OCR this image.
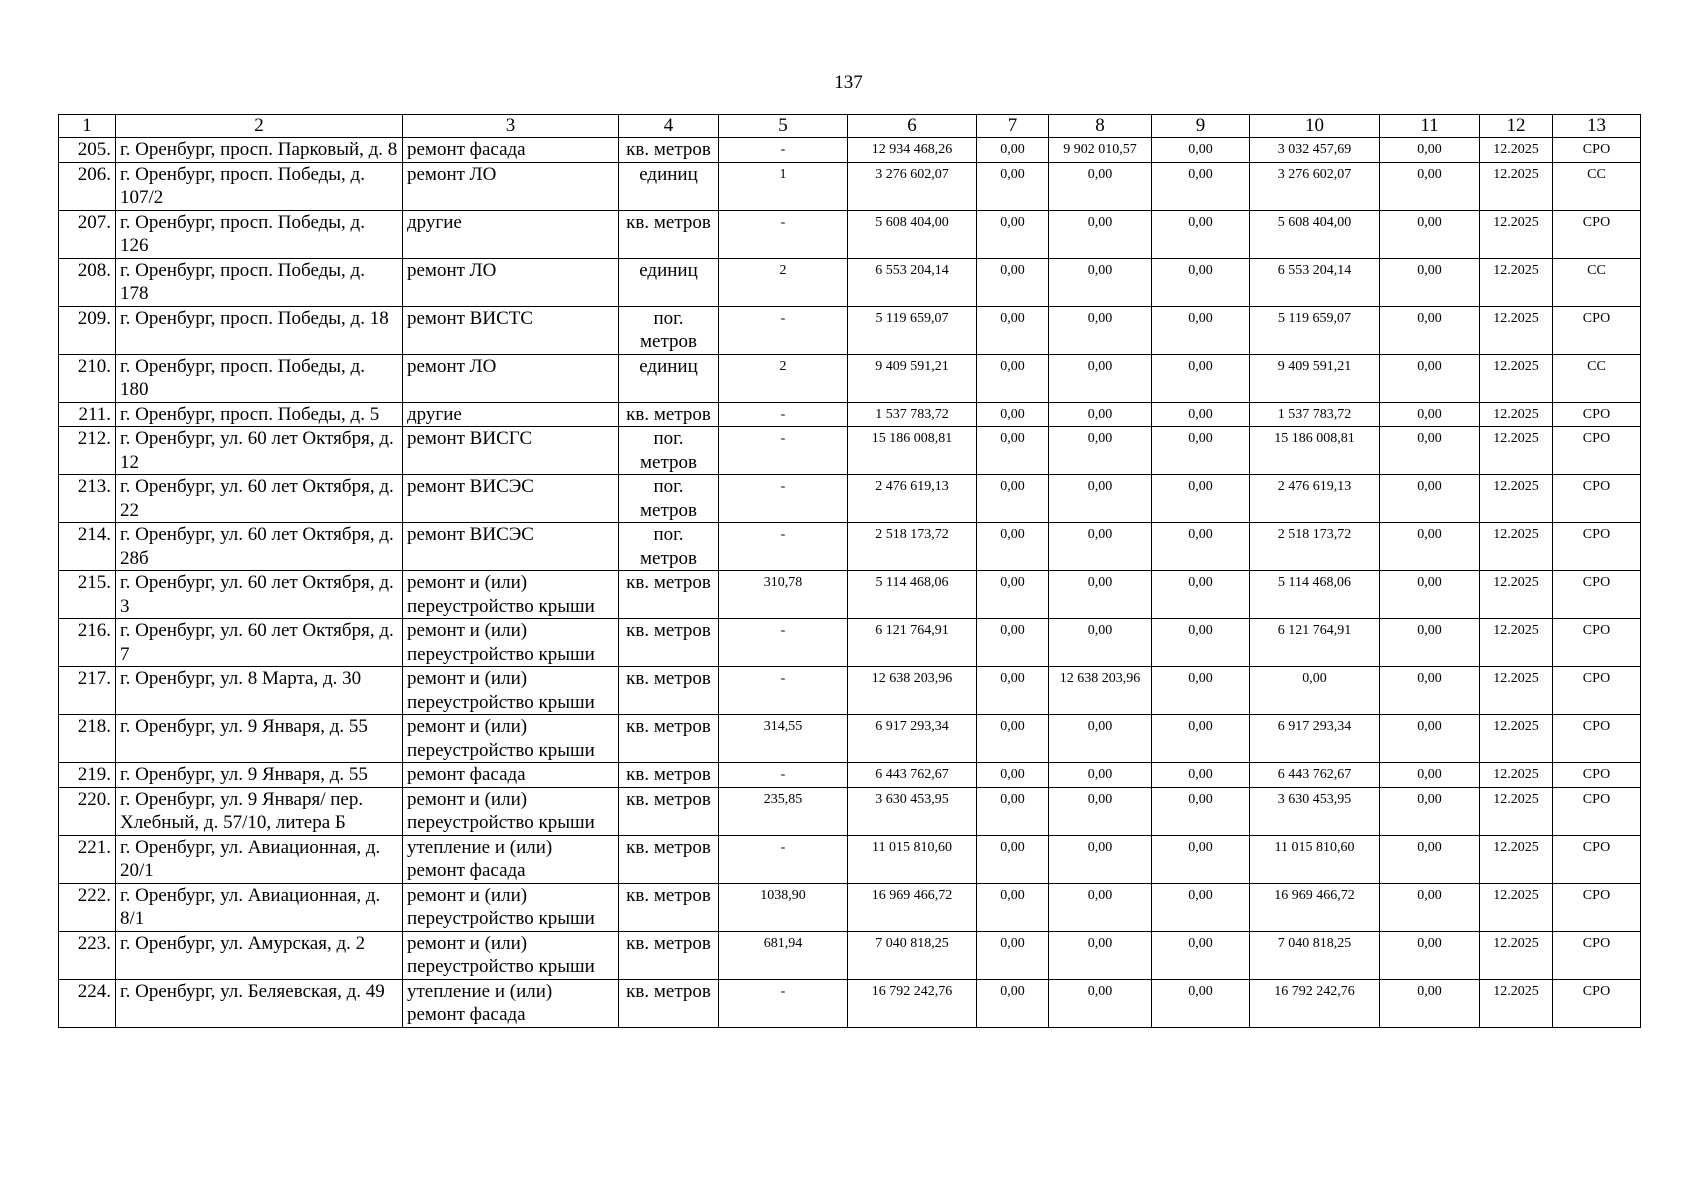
137
1	2	3	4	5	6	7	8	9	10	11	12	13
205.	г. Оренбург, просп. Парковый, д. 8	ремонт фасада	кв. метров	-	12 934 468,26	0,00	9 902 010,57	0,00	3 032 457,69	0,00	12.2025	СРО
206.	г. Оренбург, просп. Победы, д. 107/2	ремонт ЛО	единиц	1	3 276 602,07	0,00	0,00	0,00	3 276 602,07	0,00	12.2025	СС
207.	г. Оренбург, просп. Победы, д. 126	другие	кв. метров	-	5 608 404,00	0,00	0,00	0,00	5 608 404,00	0,00	12.2025	СРО
208.	г. Оренбург, просп. Победы, д. 178	ремонт ЛО	единиц	2	6 553 204,14	0,00	0,00	0,00	6 553 204,14	0,00	12.2025	СС
209.	г. Оренбург, просп. Победы, д. 18	ремонт ВИСТС	пог. метров	-	5 119 659,07	0,00	0,00	0,00	5 119 659,07	0,00	12.2025	СРО
210.	г. Оренбург, просп. Победы, д. 180	ремонт ЛО	единиц	2	9 409 591,21	0,00	0,00	0,00	9 409 591,21	0,00	12.2025	СС
211.	г. Оренбург, просп. Победы, д. 5	другие	кв. метров	-	1 537 783,72	0,00	0,00	0,00	1 537 783,72	0,00	12.2025	СРО
212.	г. Оренбург, ул. 60 лет Октября, д. 12	ремонт ВИСГС	пог. метров	-	15 186 008,81	0,00	0,00	0,00	15 186 008,81	0,00	12.2025	СРО
213.	г. Оренбург, ул. 60 лет Октября, д. 22	ремонт ВИСЭС	пог. метров	-	2 476 619,13	0,00	0,00	0,00	2 476 619,13	0,00	12.2025	СРО
214.	г. Оренбург, ул. 60 лет Октября, д. 28б	ремонт ВИСЭС	пог. метров	-	2 518 173,72	0,00	0,00	0,00	2 518 173,72	0,00	12.2025	СРО
215.	г. Оренбург, ул. 60 лет Октября, д. 3	ремонт и (или) переустройство крыши	кв. метров	310,78	5 114 468,06	0,00	0,00	0,00	5 114 468,06	0,00	12.2025	СРО
216.	г. Оренбург, ул. 60 лет Октября, д. 7	ремонт и (или) переустройство крыши	кв. метров	-	6 121 764,91	0,00	0,00	0,00	6 121 764,91	0,00	12.2025	СРО
217.	г. Оренбург, ул. 8 Марта, д. 30	ремонт и (или) переустройство крыши	кв. метров	-	12 638 203,96	0,00	12 638 203,96	0,00	0,00	0,00	12.2025	СРО
218.	г. Оренбург, ул. 9 Января, д. 55	ремонт и (или) переустройство крыши	кв. метров	314,55	6 917 293,34	0,00	0,00	0,00	6 917 293,34	0,00	12.2025	СРО
219.	г. Оренбург, ул. 9 Января, д. 55	ремонт фасада	кв. метров	-	6 443 762,67	0,00	0,00	0,00	6 443 762,67	0,00	12.2025	СРО
220.	г. Оренбург, ул. 9 Января/ пер. Хлебный, д. 57/10, литера Б	ремонт и (или) переустройство крыши	кв. метров	235,85	3 630 453,95	0,00	0,00	0,00	3 630 453,95	0,00	12.2025	СРО
221.	г. Оренбург, ул. Авиационная, д. 20/1	утепление и (или) ремонт фасада	кв. метров	-	11 015 810,60	0,00	0,00	0,00	11 015 810,60	0,00	12.2025	СРО
222.	г. Оренбург, ул. Авиационная, д. 8/1	ремонт и (или) переустройство крыши	кв. метров	1038,90	16 969 466,72	0,00	0,00	0,00	16 969 466,72	0,00	12.2025	СРО
223.	г. Оренбург, ул. Амурская, д. 2	ремонт и (или) переустройство крыши	кв. метров	681,94	7 040 818,25	0,00	0,00	0,00	7 040 818,25	0,00	12.2025	СРО
224.	г. Оренбург, ул. Беляевская, д. 49	утепление и (или) ремонт фасада	кв. метров	-	16 792 242,76	0,00	0,00	0,00	16 792 242,76	0,00	12.2025	СРО
